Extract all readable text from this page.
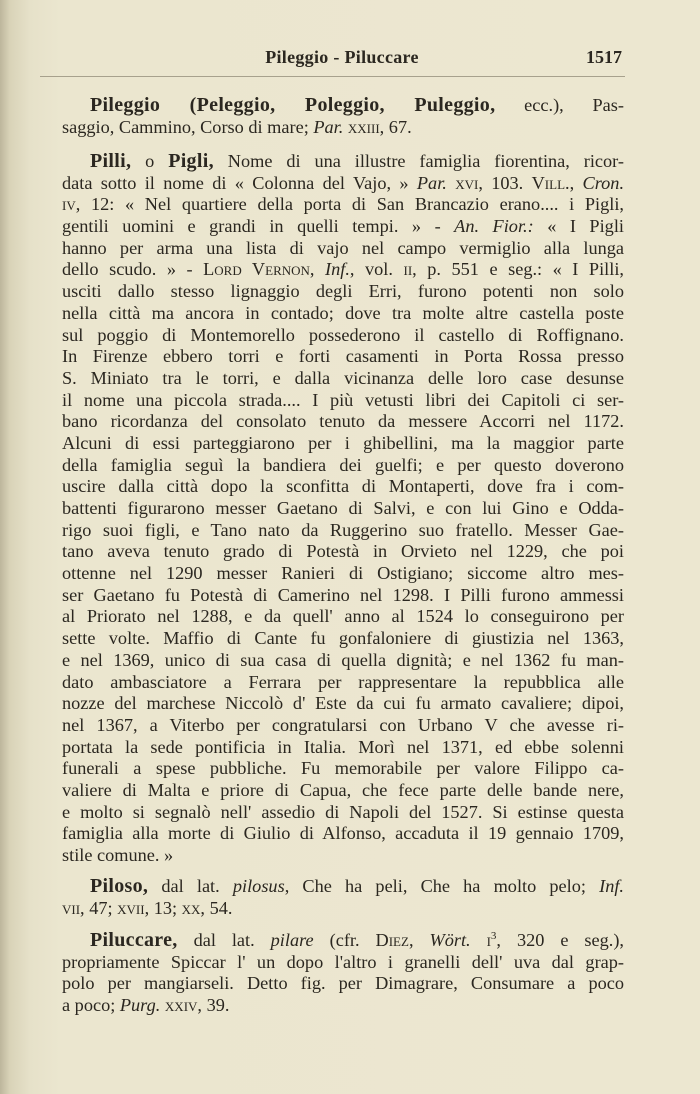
Pileggio - Piluccare	1517
Pileggio (Peleggio, Poleggio, Puleggio, ecc.), Pas-
saggio, Cammino, Corso di mare; Par. xxiii, 67.
Pilli, o Pigli, Nome di una illustre famiglia fiorentina, ricor-
data sotto il nome di « Colonna del Vajo, » Par. xvi, 103. Vill., Cron.
iv, 12: « Nel quartiere della porta di San Brancazio erano.... i Pigli,
gentili uomini e grandi in quelli tempi. » - An. Fior.: « I Pigli
hanno per arma una lista di vajo nel campo vermiglio alla lunga
dello scudo. » - Lord Vernon, Inf., vol. ii, p. 551 e seg.: « I Pilli,
usciti dallo stesso lignaggio degli Erri, furono potenti non solo
nella città ma ancora in contado; dove tra molte altre castella poste
sul poggio di Montemorello possederono il castello di Roffignano.
In Firenze ebbero torri e forti casamenti in Porta Rossa presso
S. Miniato tra le torri, e dalla vicinanza delle loro case desunse
il nome una piccola strada.... I più vetusti libri dei Capitoli ci ser-
bano ricordanza del consolato tenuto da messere Accorri nel 1172.
Alcuni di essi parteggiarono per i ghibellini, ma la maggior parte
della famiglia seguì la bandiera dei guelfi; e per questo doverono
uscire dalla città dopo la sconfitta di Montaperti, dove fra i com-
battenti figurarono messer Gaetano di Salvi, e con lui Gino e Odda-
rigo suoi figli, e Tano nato da Ruggerino suo fratello. Messer Gae-
tano aveva tenuto grado di Potestà in Orvieto nel 1229, che poi
ottenne nel 1290 messer Ranieri di Ostigiano; siccome altro mes-
ser Gaetano fu Potestà di Camerino nel 1298. I Pilli furono ammessi
al Priorato nel 1288, e da quell' anno al 1524 lo conseguirono per
sette volte. Maffio di Cante fu gonfaloniere di giustizia nel 1363,
e nel 1369, unico di sua casa di quella dignità; e nel 1362 fu man-
dato ambasciatore a Ferrara per rappresentare la repubblica alle
nozze del marchese Niccolò d' Este da cui fu armato cavaliere; dipoi,
nel 1367, a Viterbo per congratularsi con Urbano V che avesse ri-
portata la sede pontificia in Italia. Morì nel 1371, ed ebbe solenni
funerali a spese pubbliche. Fu memorabile per valore Filippo ca-
valiere di Malta e priore di Capua, che fece parte delle bande nere,
e molto si segnalò nell' assedio di Napoli del 1527. Si estinse questa
famiglia alla morte di Giulio di Alfonso, accaduta il 19 gennaio 1709,
stile comune. »
Piloso, dal lat. pilosus, Che ha peli, Che ha molto pelo; Inf.
vii, 47; xvii, 13; xx, 54.
Piluccare, dal lat. pilare (cfr. Diez, Wört. $i^3$, 320 e seg.),
propriamente Spiccar l' un dopo l'altro i granelli dell' uva dal grap-
polo per mangiarseli. Detto fig. per Dimagrare, Consumare a poco
a poco; Purg. xxiv, 39.
